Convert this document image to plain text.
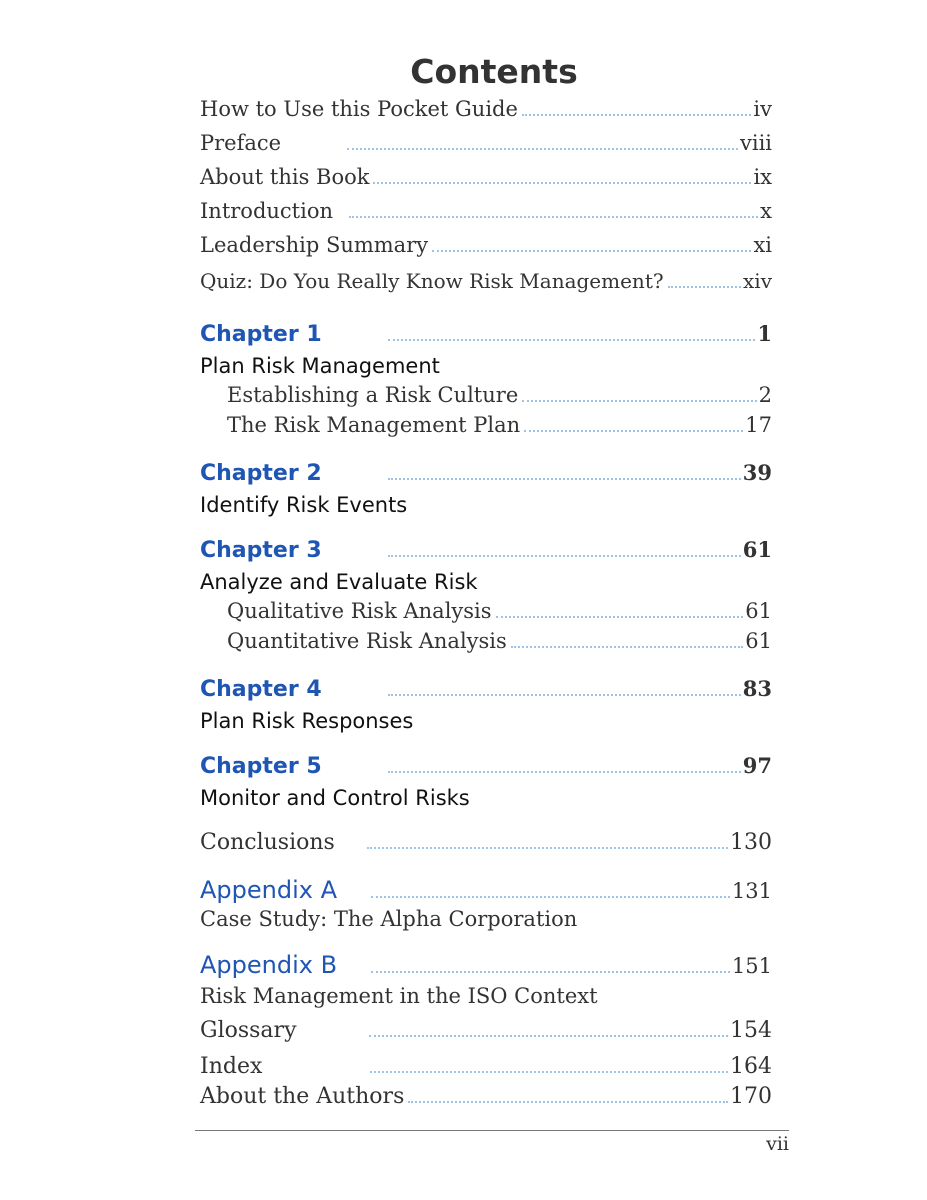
Contents
How to Use this Pocket Guide	iv
Preface	viii
About this Book	ix
Introduction	x
Leadership Summary	xi
Quiz: Do You Really Know Risk Management?	xiv
Chapter 1	1
Plan Risk Management
Establishing a Risk Culture	2
The Risk Management Plan	17
Chapter 2	39
Identify Risk Events
Chapter 3	61
Analyze and Evaluate Risk
Qualitative Risk Analysis	61
Quantitative Risk Analysis	61
Chapter 4	83
Plan Risk Responses
Chapter 5	97
Monitor and Control Risks
Conclusions	130
Appendix A	131
Case Study: The Alpha Corporation
Appendix B	151
Risk Management in the ISO Context
Glossary	154
Index	164
About the Authors	170
vii
